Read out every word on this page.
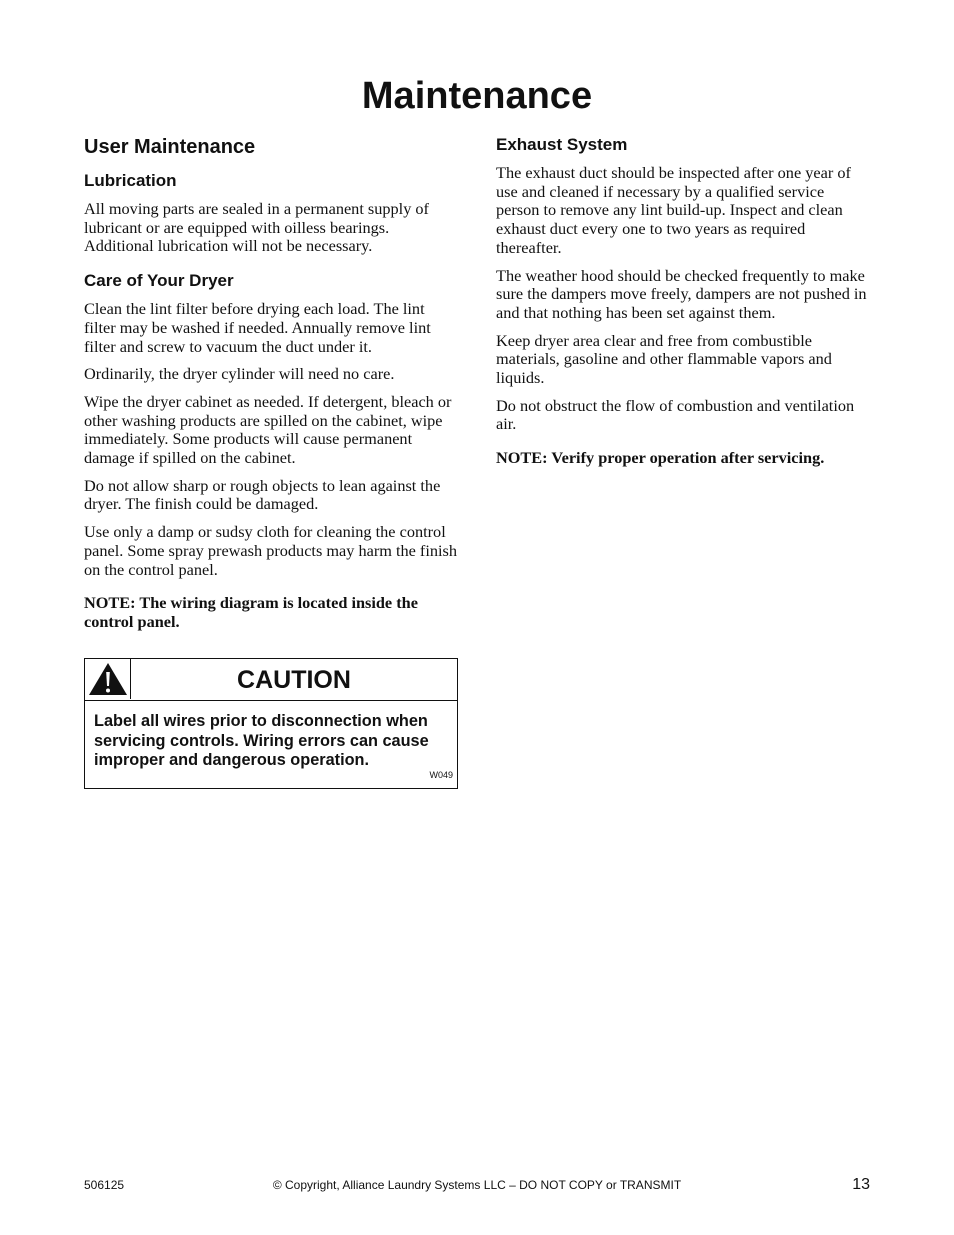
Maintenance
User Maintenance
Lubrication

All moving parts are sealed in a permanent supply of lubricant or are equipped with oilless bearings. Additional lubrication will not be necessary.

Care of Your Dryer

Clean the lint filter before drying each load. The lint filter may be washed if needed. Annually remove lint filter and screw to vacuum the duct under it.

Ordinarily, the dryer cylinder will need no care.

Wipe the dryer cabinet as needed. If detergent, bleach or other washing products are spilled on the cabinet, wipe immediately. Some products will cause permanent damage if spilled on the cabinet.

Do not allow sharp or rough objects to lean against the dryer. The finish could be damaged.

Use only a damp or sudsy cloth for cleaning the control panel. Some spray prewash products may harm the finish on the control panel.

NOTE: The wiring diagram is located inside the control panel.

CAUTION

Label all wires prior to disconnection when servicing controls. Wiring errors can cause improper and dangerous operation.

W049
Exhaust System

The exhaust duct should be inspected after one year of use and cleaned if necessary by a qualified service person to remove any lint build-up. Inspect and clean exhaust duct every one to two years as required thereafter.

The weather hood should be checked frequently to make sure the dampers move freely, dampers are not pushed in and that nothing has been set against them.

Keep dryer area clear and free from combustible materials, gasoline and other flammable vapors and liquids.

Do not obstruct the flow of combustion and ventilation air.

NOTE: Verify proper operation after servicing.

506125	© Copyright, Alliance Laundry Systems LLC – DO NOT COPY or TRANSMIT	13
